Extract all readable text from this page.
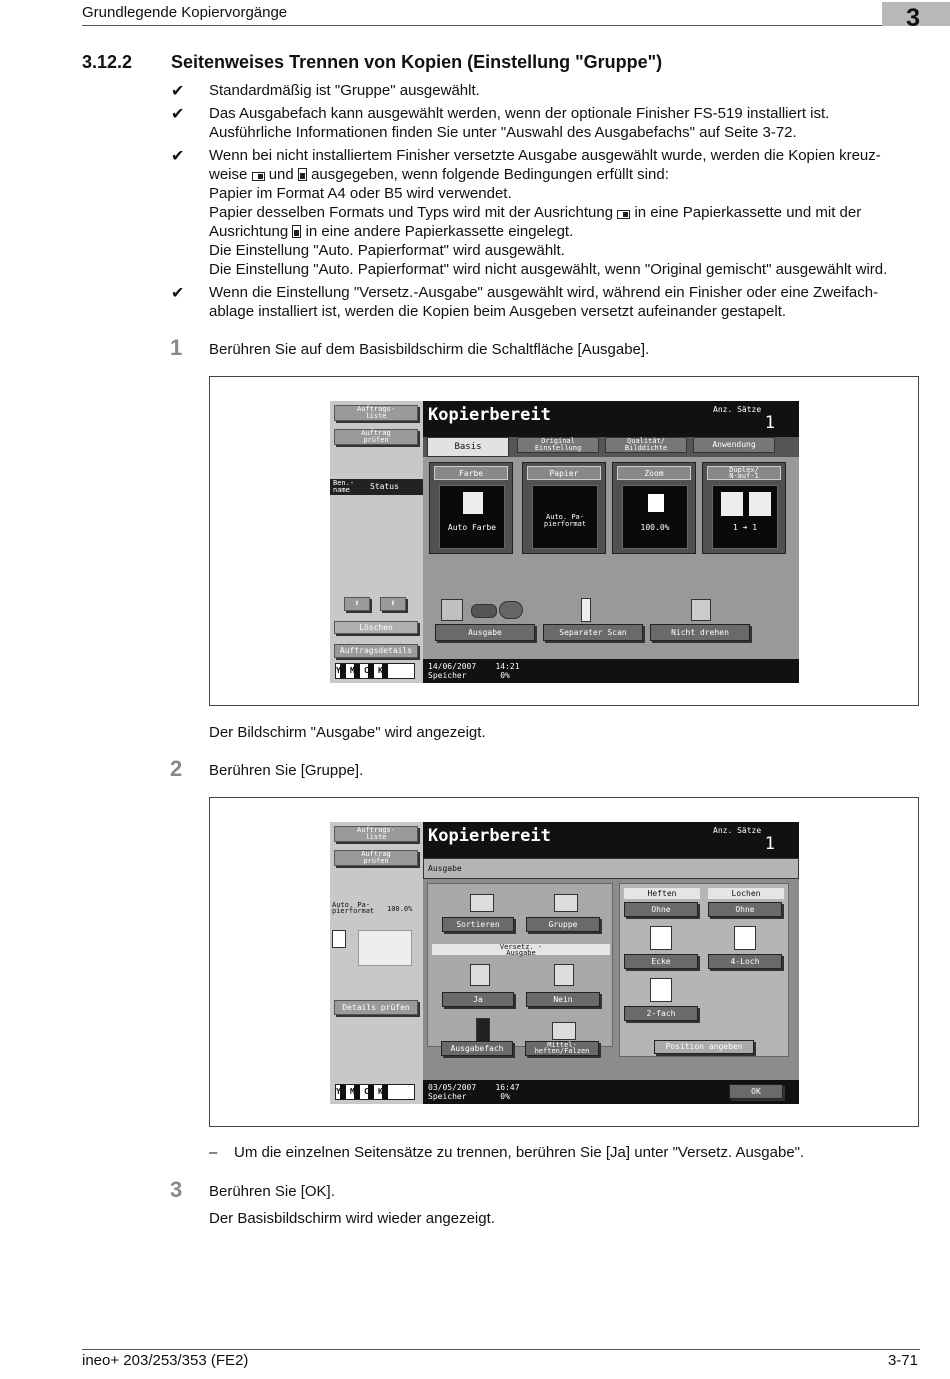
Grundlegende Kopiervorgänge	3
3.12.2 Seitenweises Trennen von Kopien (Einstellung "Gruppe")
✔ Standardmäßig ist "Gruppe" ausgewählt.
✔ Das Ausgabefach kann ausgewählt werden, wenn der optionale Finisher FS-519 installiert ist.
Ausführliche Informationen finden Sie unter "Auswahl des Ausgabefachs" auf Seite 3-72.
✔ Wenn bei nicht installiertem Finisher versetzte Ausgabe ausgewählt wurde, werden die Kopien kreuz-
weise und ausgegeben, wenn folgende Bedingungen erfüllt sind:
Papier im Format A4 oder B5 wird verwendet.
Papier desselben Formats und Typs wird mit der Ausrichtung in eine Papierkassette und mit der
Ausrichtung in eine andere Papierkassette eingelegt.
Die Einstellung "Auto. Papierformat" wird ausgewählt.
Die Einstellung "Auto. Papierformat" wird nicht ausgewählt, wenn "Original gemischt" ausgewählt wird.
✔ Wenn die Einstellung "Versetz.-Ausgabe" ausgewählt wird, während ein Finisher oder eine Zweifach-
ablage installiert ist, werden die Kopien beim Ausgeben versetzt aufeinander gestapelt.
1 Berühren Sie auf dem Basisbildschirm die Schaltfläche [Ausgabe].
Auftrags-
liste
Auftrag
prüfen
Ben.-
name	Status
⬆	⬇
Löschen
Auftragsdetails
Y M C K
Kopierbereit	Anz. Sätze
1
Basis
Original
Einstellung
Qualität/
Bilddichte	Anwendung
Farbe
Auto Farbe
Papier
Auto. Pa-
pierformat
Zoom
100.0%
Duplex/
N-auf-1
1 ➔ 1
Ausgabe	Separater Scan	Nicht drehen
14/06/2007 14:21
Speicher	0%
Der Bildschirm "Ausgabe" wird angezeigt.
2 Berühren Sie [Gruppe].
Auftrags-
liste
Auftrag
prüfen
Auto. Pa-
pierformat 100.0%
Details prüfen
Y M C K
Kopierbereit	Anz. Sätze
1
Ausgabe
Sortieren	Gruppe
Versetz. -
Ausgabe
Ja	Nein
Ausgabefach	Mittel-
heften/Falzen
Heften	Lochen
Ohne	Ohne
Ecke	4-Loch
2-fach
Position angeben
03/05/2007 16:47
Speicher	0%
OK
– Um die einzelnen Seitensätze zu trennen, berühren Sie [Ja] unter "Versetz. Ausgabe".
3 Berühren Sie [OK].
Der Basisbildschirm wird wieder angezeigt.
ineo+ 203/253/353 (FE2)	3-71
